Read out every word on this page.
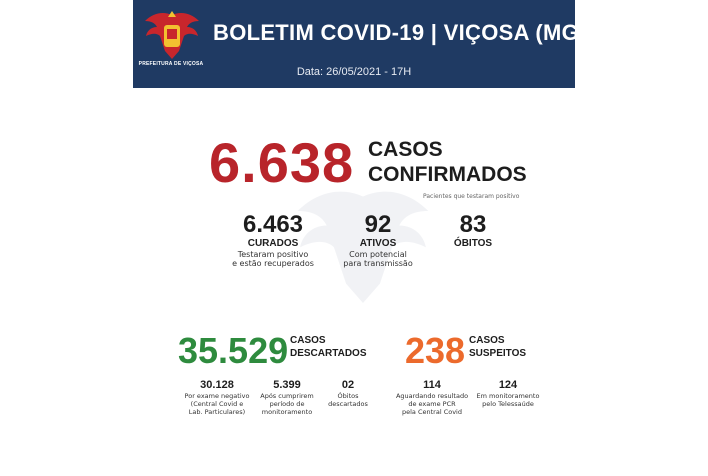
PREFEITURA DE VIÇOSA
BOLETIM COVID-19 | VIÇOSA (MG)
Data: 26/05/2021 - 17H
6.638 CASOS
CONFIRMADOS
Pacientes que testaram positivo
6.463
CURADOS
Testaram positivo
e estão recuperados
92
ATIVOS
Com potencial
para transmissão
83
ÓBITOS
35.529 CASOS
DESCARTADOS 238 CASOS
SUSPEITOS
30.128
Por exame negativo
(Central Covid e
Lab. Particulares)
5.399
Após cumprirem
período de
monitoramento
02
Óbitos
descartados
114
Aguardando resultado
de exame PCR
pela Central Covid
124
Em monitoramento
pelo Telessaúde
